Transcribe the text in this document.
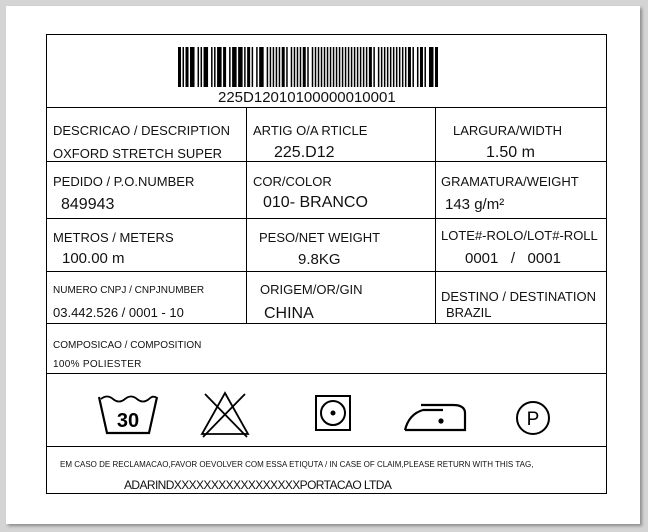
225D12010100000010001
DESCRICAO / DESCRIPTION
OXFORD STRETCH SUPER
ARTIG O/A RTICLE
225.D12
LARGURA/WIDTH
1.50 m
PEDIDO / P.O.NUMBER
849943
COR/COLOR
010- BRANCO
GRAMATURA/WEIGHT
143 g/m²
METROS / METERS
100.00 m
PESO/NET WEIGHT
9.8KG
LOTE#-ROLO/LOT#-ROLL
0001   /   0001
NUMERO CNPJ / CNPJNUMBER
03.442.526 / 0001 - 10
ORIGEM/OR/GIN
CHINA
DESTINO / DESTINATION
BRAZIL
COMPOSICAO / COMPOSITION
100% POLIESTER
30	P
EM CASO DE RECLAMACAO,FAVOR OEVOLVER COM ESSA ETIQUTA / IN CASE OF CLAIM,PLEASE RETURN WITH THIS TAG,
ADARINDXXXXXXXXXXXXXXXXXPORTACAO LTDA
